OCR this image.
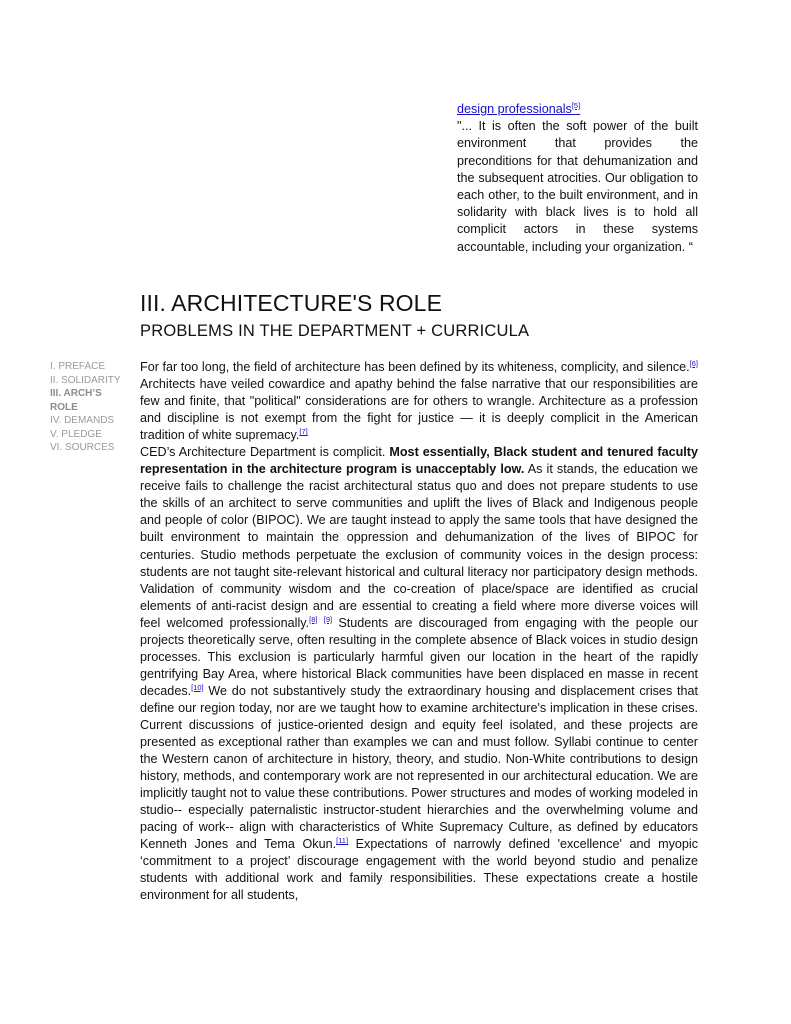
design professionals[5]
"... It is often the soft power of the built environment that provides the preconditions for that dehumanization and the subsequent atrocities. Our obligation to each other, to the built environment, and in solidarity with black lives is to hold all complicit actors in these systems accountable, including your organization. “
III. ARCHITECTURE'S ROLE
PROBLEMS IN THE DEPARTMENT + CURRICULA
I. PREFACE
II. SOLIDARITY
III. ARCH’S ROLE
IV. DEMANDS
V. PLEDGE
VI. SOURCES

For far too long, the field of architecture has been defined by its whiteness, complicity, and silence.[6] Architects have veiled cowardice and apathy behind the false narrative that our responsibilities are few and finite, that "political" considerations are for others to wrangle. Architecture as a profession and discipline is not exempt from the fight for justice — it is deeply complicit in the American tradition of white supremacy.[7]

CED’s Architecture Department is complicit. Most essentially, Black student and tenured faculty representation in the architecture program is unacceptably low. As it stands, the education we receive fails to challenge the racist architectural status quo and does not prepare students to use the skills of an architect to serve communities and uplift the lives of Black and Indigenous people and people of color (BIPOC). We are taught instead to apply the same tools that have designed the built environment to maintain the oppression and dehumanization of the lives of BIPOC for centuries. Studio methods perpetuate the exclusion of community voices in the design process: students are not taught site-relevant historical and cultural literacy nor participatory design methods. Validation of community wisdom and the co-creation of place/space are identified as crucial elements of anti-racist design and are essential to creating a field where more diverse voices will feel welcomed professionally.[8] [9] Students are discouraged from engaging with the people our projects theoretically serve, often resulting in the complete absence of Black voices in studio design processes. This exclusion is particularly harmful given our location in the heart of the rapidly gentrifying Bay Area, where historical Black communities have been displaced en masse in recent decades.[10] We do not substantively study the extraordinary housing and displacement crises that define our region today, nor are we taught how to examine architecture's implication in these crises. Current discussions of justice-oriented design and equity feel isolated, and these projects are presented as exceptional rather than examples we can and must follow. Syllabi continue to center the Western canon of architecture in history, theory, and studio. Non-White contributions to design history, methods, and contemporary work are not represented in our architectural education. We are implicitly taught not to value these contributions. Power structures and modes of working modeled in studio-- especially paternalistic instructor-student hierarchies and the overwhelming volume and pacing of work-- align with characteristics of White Supremacy Culture, as defined by educators Kenneth Jones and Tema Okun.[11] Expectations of narrowly defined 'excellence' and myopic ‘commitment to a project’ discourage engagement with the world beyond studio and penalize students with additional work and family responsibilities. These expectations create a hostile environment for all students,
